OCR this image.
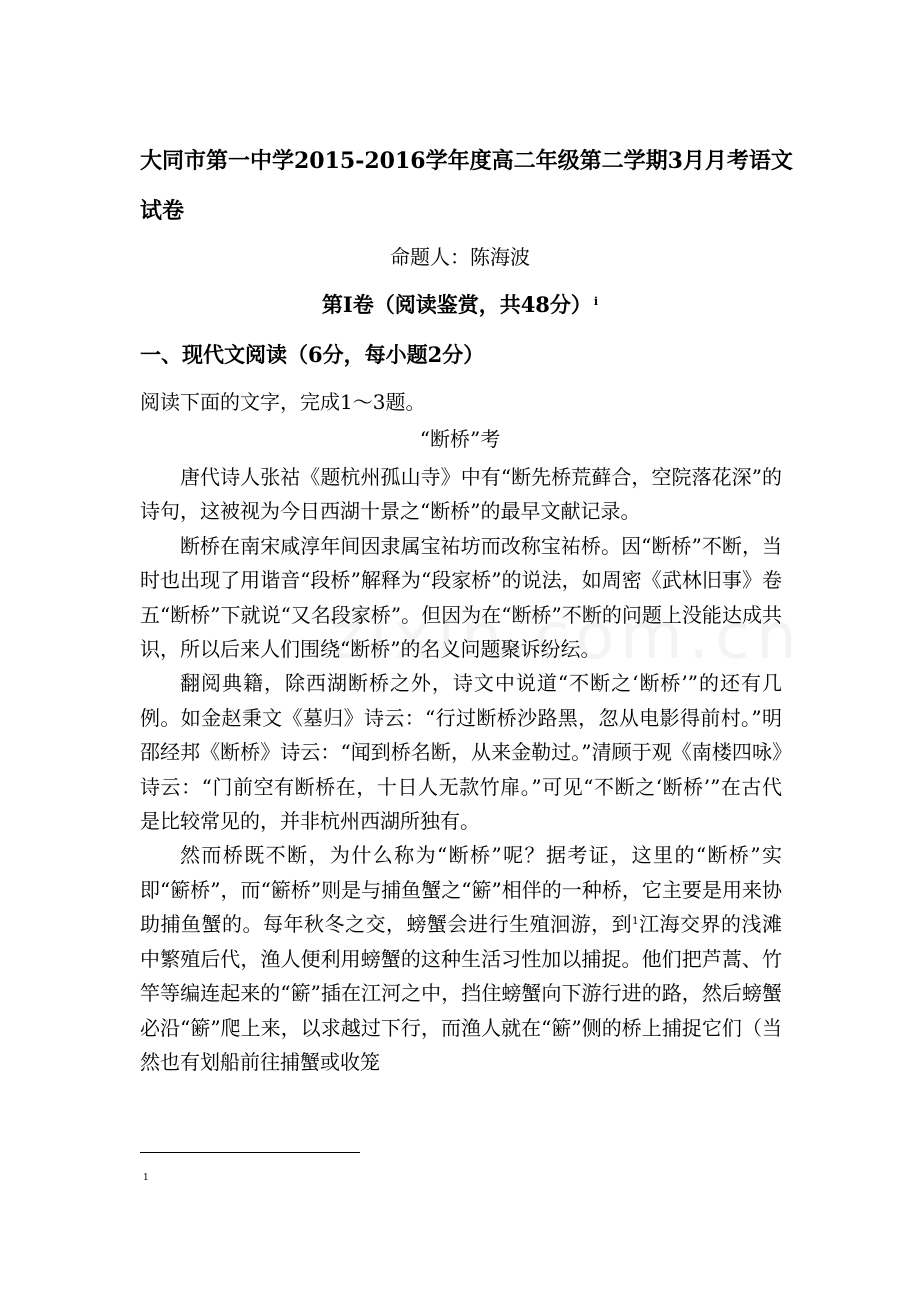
大同市第一中学2015-2016学年度高二年级第二学期3月月考语文
试卷
命题人：陈海波
第Ⅰ卷（阅读鉴赏，共48分） $^i$
一、现代文阅读（6分，每小题2分）
阅读下面的文字，完成1～3题。
“断桥”考

唐代诗人张祜《题杭州孤山寺》中有“断先桥荒藓合，空院落花深”的诗句，这被视为今日西湖十景之“断桥”的最早文献记录。

断桥在南宋咸淳年间因隶属宝祐坊而改称宝祐桥。因“断桥”不断，当时也出现了用谐音“段桥”解释为“段家桥”的说法，如周密《武林旧事》卷五“断桥”下就说“又名段家桥”。但因为在“断桥”不断的问题上没能达成共识，所以后来人们围绕“断桥”的名义问题聚诉纷纭。

翻阅典籍，除西湖断桥之外，诗文中说道“不断之‘断桥’”的还有几例。如金赵秉文《墓归》诗云：“行过断桥沙路黑，忽从电影得前村。”明邵经邦《断桥》诗云：“闻到桥名断，从来金勒过。”清顾于观《南楼四咏》诗云：“门前空有断桥在，十日人无款竹扉。”可见“不断之‘断桥’”在古代是比较常见的，并非杭州西湖所独有。

然而桥既不断，为什么称为“断桥”呢？据考证，这里的“断桥”实即“簖桥”，而“簖桥”则是与捕鱼蟹之“簖”相伴的一种桥，它主要是用来协助捕鱼蟹的。每年秋冬之交，螃蟹会进行生殖洄游，到$^1$江海交界的浅滩中繁殖后代，渔人便利用螃蟹的这种生活习性加以捕捉。他们把芦蒿、竹竿等编连起来的“簖”插在江河之中，挡住螃蟹向下游行进的路，然后螃蟹必沿“簖”爬上来，以求越过下行，而渔人就在“簖”侧的桥上捕捉它们（当然也有划船前往捕蟹或收笼

1
